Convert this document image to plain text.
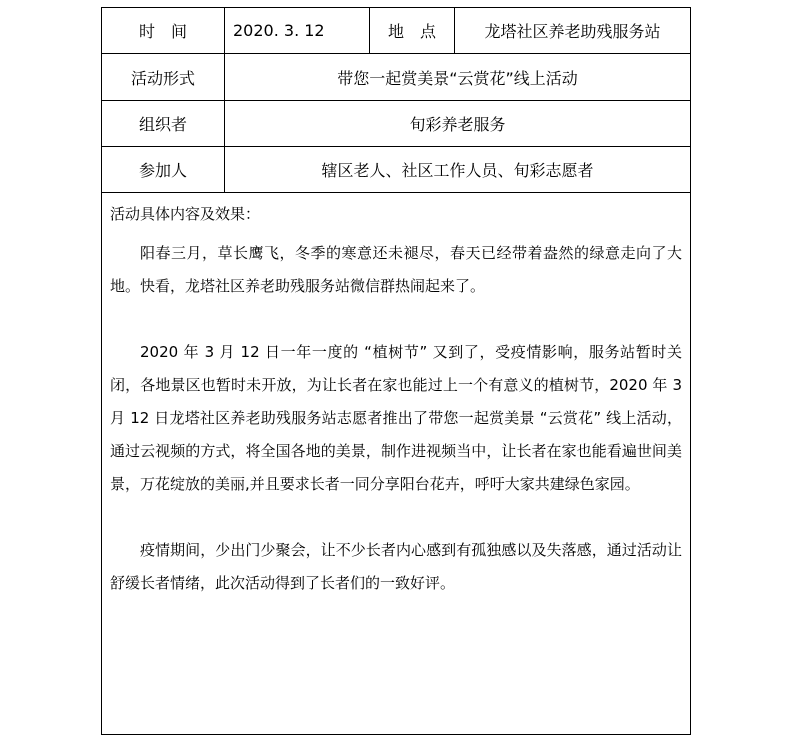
时　间	2020. 3. 12	地　点	龙塔社区养老助残服务站
活动形式	带您一起赏美景“云赏花”线上活动
组织者	旬彩养老服务
参加人	辖区老人、社区工作人员、旬彩志愿者
活动具体内容及效果：

阳春三月，草长鹰飞，冬季的寒意还未褪尽，春天已经带着盎然的绿意走向了大地。快看，龙塔社区养老助残服务站微信群热闹起来了。

2020 年 3 月 12 日一年一度的 “植树节” 又到了，受疫情影响，服务站暂时关闭，各地景区也暂时未开放，为让长者在家也能过上一个有意义的植树节，2020 年 3 月 12 日龙塔社区养老助残服务站志愿者推出了带您一起赏美景 “云赏花” 线上活动，通过云视频的方式，将全国各地的美景，制作进视频当中，让长者在家也能看遍世间美景，万花绽放的美丽,并且要求长者一同分享阳台花卉，呼吁大家共建绿色家园。

疫情期间，少出门少聚会，让不少长者内心感到有孤独感以及失落感，通过活动让舒缓长者情绪，此次活动得到了长者们的一致好评。
